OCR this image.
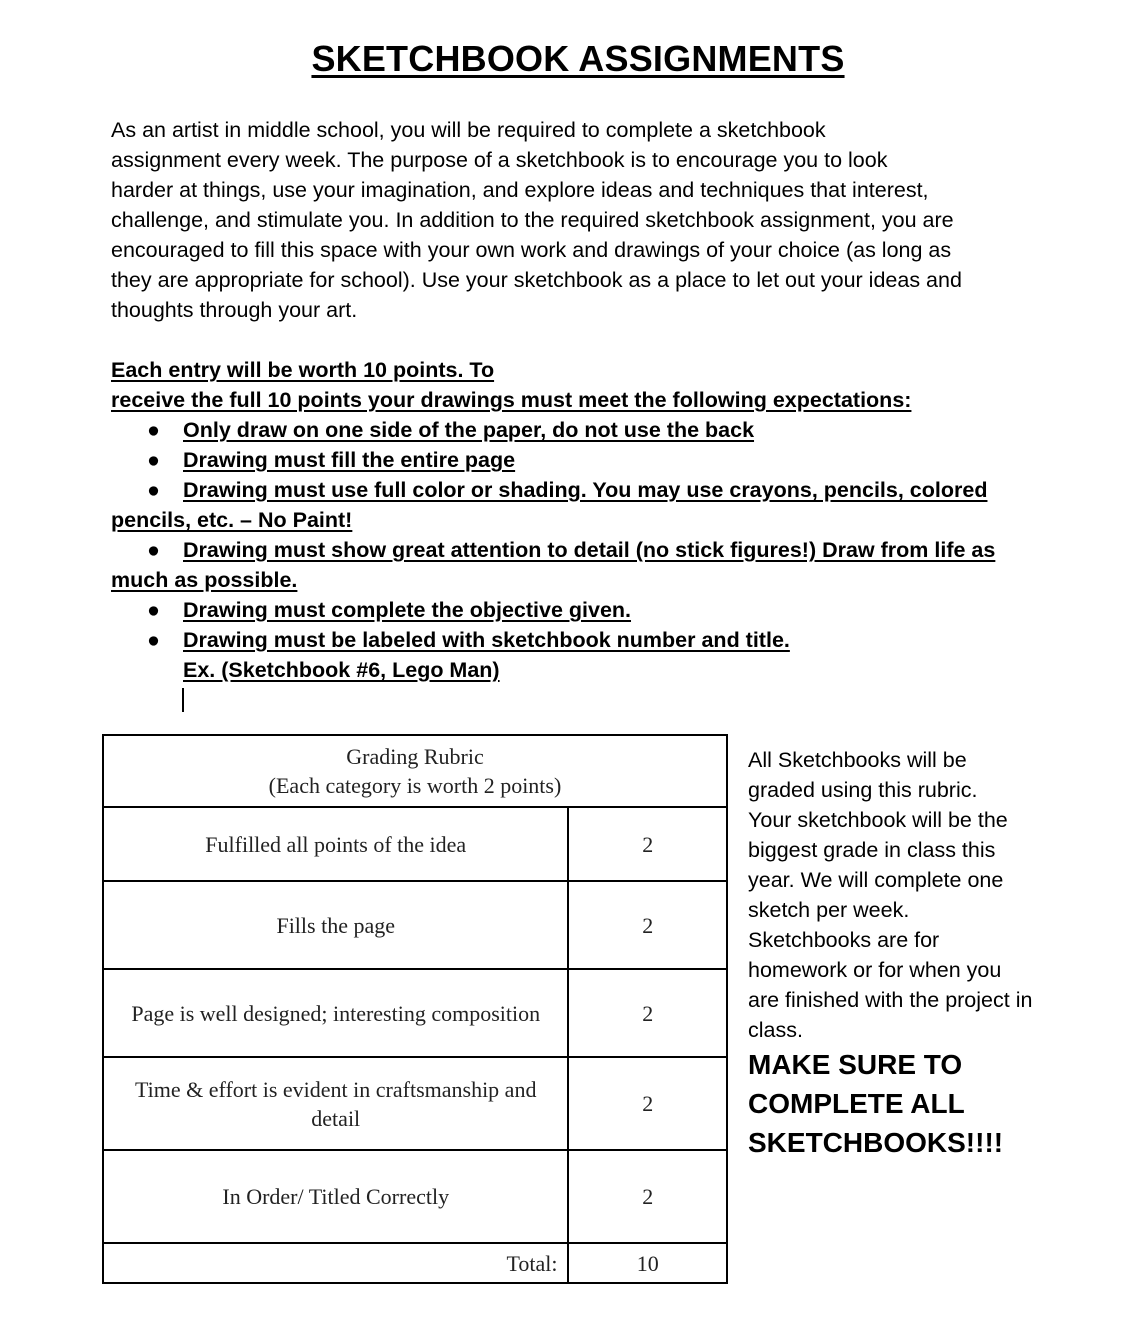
SKETCHBOOK ASSIGNMENTS
As an artist in middle school, you will be required to complete a sketchbook
assignment every week. The purpose of a sketchbook is to encourage you to look
harder at things, use your imagination, and explore ideas and techniques that interest,
challenge, and stimulate you. In addition to the required sketchbook assignment, you are
encouraged to fill this space with your own work and drawings of your choice (as long as
they are appropriate for school). Use your sketchbook as a place to let out your ideas and
thoughts through your art.
Each entry will be worth 10 points. To
receive the full 10 points your drawings must meet the following expectations:
● Only draw on one side of the paper, do not use the back
● Drawing must fill the entire page
● Drawing must use full color or shading. You may use crayons, pencils, colored
pencils, etc. – No Paint!
● Drawing must show great attention to detail (no stick figures!) Draw from life as
much as possible.
● Drawing must complete the objective given.
● Drawing must be labeled with sketchbook number and title.
Ex. (Sketchbook #6, Lego Man)
Grading Rubric
(Each category is worth 2 points)	

Fulfilled all points of the idea	2
Fills the page	2
Page is well designed; interesting composition	2
Time & effort is evident in craftsmanship and detail	2
In Order/ Titled Correctly	2
Total:	10
All Sketchbooks will be
graded using this rubric.
Your sketchbook will be the
biggest grade in class this
year. We will complete one
sketch per week.
Sketchbooks are for
homework or for when you
are finished with the project in
class.
MAKE SURE TO
COMPLETE ALL
SKETCHBOOKS!!!!
